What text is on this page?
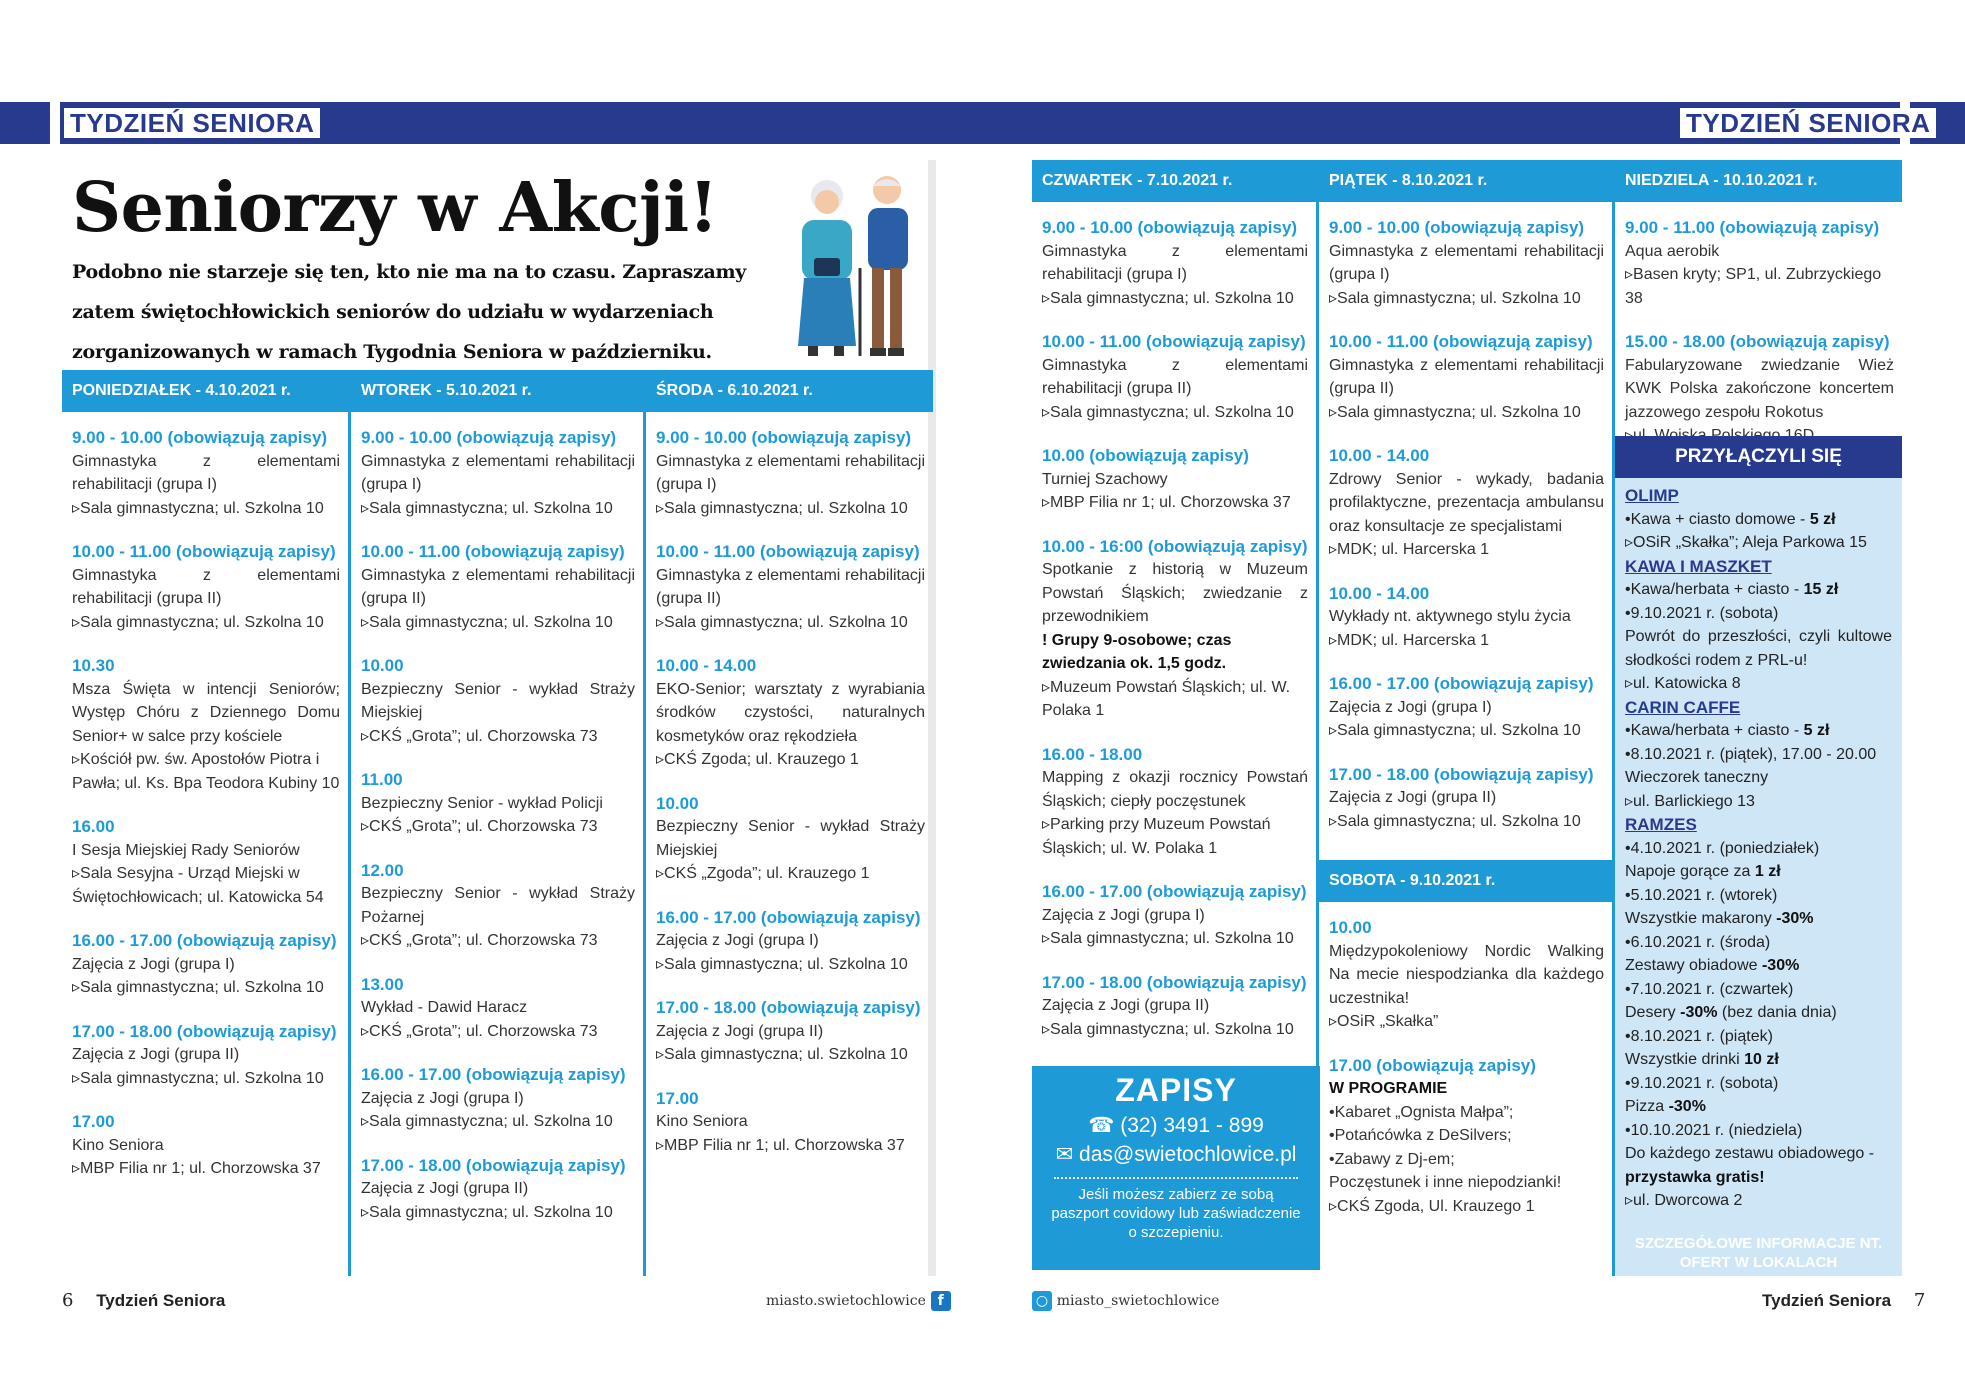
TYDZIEŃ SENIORA	TYDZIEŃ SENIORA
Seniorzy w Akcji!
Podobno nie starzeje się ten, kto nie ma na to czasu. Zapraszamy zatem świętochłowickich seniorów do udziału w wydarzeniach zorganizowanych w ramach Tygodnia Seniora w październiku.
PONIEDZIAŁEK - 4.10.2021 r.
9.00 - 10.00 (obowiązują zapisy)
Gimnastyka z elementami rehabilitacji (grupa I)
▹ Sala gimnastyczna; ul. Szkolna 10
10.00 - 11.00 (obowiązują zapisy)
Gimnastyka z elementami rehabilitacji (grupa II)
▹ Sala gimnastyczna; ul. Szkolna 10
10.30
Msza Święta w intencji Seniorów; Występ Chóru z Dziennego Domu Senior+ w salce przy kościele
▹ Kościół pw. św. Apostołów Piotra i Pawła; ul. Ks. Bpa Teodora Kubiny 10
16.00
I Sesja Miejskiej Rady Seniorów
▹ Sala Sesyjna - Urząd Miejski w Świętochłowicach; ul. Katowicka 54
16.00 - 17.00 (obowiązują zapisy)
Zajęcia z Jogi (grupa I)
▹ Sala gimnastyczna; ul. Szkolna 10
17.00 - 18.00 (obowiązują zapisy)
Zajęcia z Jogi (grupa II)
▹ Sala gimnastyczna; ul. Szkolna 10
17.00
Kino Seniora
▹ MBP Filia nr 1; ul. Chorzowska 37
WTOREK - 5.10.2021 r.
9.00 - 10.00 (obowiązują zapisy)
Gimnastyka z elementami rehabilitacji (grupa I)
▹ Sala gimnastyczna; ul. Szkolna 10
10.00 - 11.00 (obowiązują zapisy)
Gimnastyka z elementami rehabilitacji (grupa II)
▹ Sala gimnastyczna; ul. Szkolna 10
10.00
Bezpieczny Senior - wykład Straży Miejskiej
▹ CKŚ „Grota”; ul. Chorzowska 73
11.00
Bezpieczny Senior - wykład Policji
▹ CKŚ „Grota”; ul. Chorzowska 73
12.00
Bezpieczny Senior - wykład Straży Pożarnej
▹ CKŚ „Grota”; ul. Chorzowska 73
13.00
Wykład - Dawid Haracz
▹ CKŚ „Grota”; ul. Chorzowska 73
16.00 - 17.00 (obowiązują zapisy)
Zajęcia z Jogi (grupa I)
▹ Sala gimnastyczna; ul. Szkolna 10
17.00 - 18.00 (obowiązują zapisy)
Zajęcia z Jogi (grupa II)
▹ Sala gimnastyczna; ul. Szkolna 10
ŚRODA - 6.10.2021 r.
9.00 - 10.00 (obowiązują zapisy)
Gimnastyka z elementami rehabilitacji (grupa I)
▹ Sala gimnastyczna; ul. Szkolna 10
10.00 - 11.00 (obowiązują zapisy)
Gimnastyka z elementami rehabilitacji (grupa II)
▹ Sala gimnastyczna; ul. Szkolna 10
10.00 - 14.00
EKO-Senior; warsztaty z wyrabiania środków czystości, naturalnych kosmetyków oraz rękodzieła
▹ CKŚ Zgoda; ul. Krauzego 1
10.00
Bezpieczny Senior - wykład Straży Miejskiej
▹ CKŚ „Zgoda”; ul. Krauzego 1
16.00 - 17.00 (obowiązują zapisy)
Zajęcia z Jogi (grupa I)
▹ Sala gimnastyczna; ul. Szkolna 10
17.00 - 18.00 (obowiązują zapisy)
Zajęcia z Jogi (grupa II)
▹ Sala gimnastyczna; ul. Szkolna 10
17.00
Kino Seniora
▹ MBP Filia nr 1; ul. Chorzowska 37
CZWARTEK - 7.10.2021 r.
9.00 - 10.00 (obowiązują zapisy)
Gimnastyka z elementami rehabilitacji (grupa I)
▹ Sala gimnastyczna; ul. Szkolna 10
10.00 - 11.00 (obowiązują zapisy)
Gimnastyka z elementami rehabilitacji (grupa II)
▹ Sala gimnastyczna; ul. Szkolna 10
10.00 (obowiązują zapisy)
Turniej Szachowy
▹ MBP Filia nr 1; ul. Chorzowska 37
10.00 - 16:00 (obowiązują zapisy)
Spotkanie z historią w Muzeum Powstań Śląskich; zwiedzanie z przewodnikiem
! Grupy 9-osobowe; czas zwiedzania ok. 1,5 godz.
▹ Muzeum Powstań Śląskich; ul. W. Polaka 1
16.00 - 18.00
Mapping z okazji rocznicy Powstań Śląskich; ciepły poczęstunek
▹ Parking przy Muzeum Powstań Śląskich; ul. W. Polaka 1
16.00 - 17.00 (obowiązują zapisy)
Zajęcia z Jogi (grupa I)
▹ Sala gimnastyczna; ul. Szkolna 10
17.00 - 18.00 (obowiązują zapisy)
Zajęcia z Jogi (grupa II)
▹ Sala gimnastyczna; ul. Szkolna 10
ZAPISY
☎ (32) 3491 - 899
✉ das@swietochlowice.pl
Jeśli możesz zabierz ze sobą paszport covidowy lub zaświadczenie o szczepieniu.
PIĄTEK - 8.10.2021 r.
9.00 - 10.00 (obowiązują zapisy)
Gimnastyka z elementami rehabilitacji (grupa I)
▹ Sala gimnastyczna; ul. Szkolna 10
10.00 - 11.00 (obowiązują zapisy)
Gimnastyka z elementami rehabilitacji (grupa II)
▹ Sala gimnastyczna; ul. Szkolna 10
10.00 - 14.00
Zdrowy Senior - wykady, badania profilaktyczne, prezentacja ambulansu oraz konsultacje ze specjalistami
▹ MDK; ul. Harcerska 1
10.00 - 14.00
Wykłady nt. aktywnego stylu życia
▹ MDK; ul. Harcerska 1
16.00 - 17.00 (obowiązują zapisy)
Zajęcia z Jogi (grupa I)
▹ Sala gimnastyczna; ul. Szkolna 10
17.00 - 18.00 (obowiązują zapisy)
Zajęcia z Jogi (grupa II)
▹ Sala gimnastyczna; ul. Szkolna 10
SOBOTA - 9.10.2021 r.
10.00
Międzypokoleniowy Nordic Walking Na mecie niespodzianka dla każdego uczestnika!
▹ OSiR „Skałka”
17.00 (obowiązują zapisy)
W PROGRAMIE
• Kabaret „Ognista Małpa”;
• Potańcówka z DeSilvers;
• Zabawy z Dj-em;
Poczęstunek i inne niepodzianki!
▹ CKŚ Zgoda, Ul. Krauzego 1
NIEDZIELA - 10.10.2021 r.
9.00 - 11.00 (obowiązują zapisy)
Aqua aerobik
▹ Basen kryty; SP1, ul. Zubrzyckiego 38
15.00 - 18.00 (obowiązują zapisy)
Fabularyzowane zwiedzanie Wież KWK Polska zakończone koncertem jazzowego zespołu Rokotus
▹
PRZYŁĄCZYLI SIĘ
OLIMP
• Kawa + ciasto domowe - 5 zł
▹ OSiR „Skałka”; Aleja Parkowa 15
KAWA I MASZKET
• Kawa/herbata + ciasto - 15 zł
• 9.10.2021 r. (sobota)
Powrót do przeszłości, czyli kultowe słodkości rodem z PRL-u!
▹ ul. Katowicka 8
CARIN CAFFE
• Kawa/herbata + ciasto - 5 zł
• 8.10.2021 r. (piątek), 17.00 - 20.00
Wieczorek taneczny
▹ ul. Barlickiego 13
RAMZES
• 4.10.2021 r. (poniedziałek)
Napoje gorące za 1 zł
• 5.10.2021 r. (wtorek)
Wszystkie makarony -30%
• 6.10.2021 r. (środa)
Zestawy obiadowe -30%
• 7.10.2021 r. (czwartek)
Desery -30% (bez dania dnia)
• 8.10.2021 r. (piątek)
Wszystkie drinki 10 zł
• 9.10.2021 r. (sobota)
Pizza -30%
• 10.10.2021 r. (niedziela)
Do każdego zestawu obiadowego - przystawka gratis!
▹ ul. Dworcowa 2
SZCZEGÓŁOWE INFORMACJE NT. OFERT W LOKALACH
6 Tydzień Seniora	miasto.swietochlowice f	○ miasto_swietochlowice	Tydzień Seniora 7
